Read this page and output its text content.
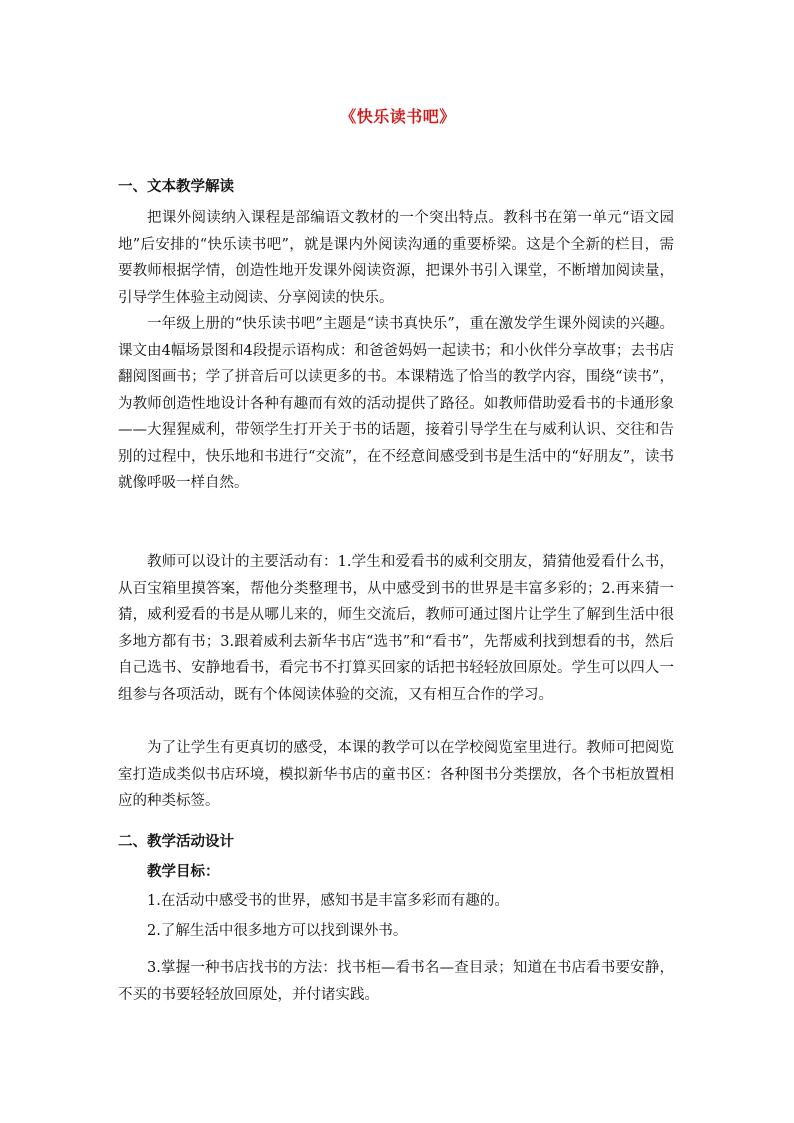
《快乐读书吧》
一、文本教学解读
把课外阅读纳入课程是部编语文教材的一个突出特点。教科书在第一单元“语文园地”后安排的“快乐读书吧”，就是课内外阅读沟通的重要桥梁。这是个全新的栏目，需要教师根据学情，创造性地开发课外阅读资源，把课外书引入课堂，不断增加阅读量，引导学生体验主动阅读、分享阅读的快乐。
一年级上册的“快乐读书吧”主题是“读书真快乐”，重在激发学生课外阅读的兴趣。课文由4幅场景图和4段提示语构成：和爸爸妈妈一起读书；和小伙伴分享故事；去书店翻阅图画书；学了拼音后可以读更多的书。本课精选了恰当的教学内容，围绕“读书”，为教师创造性地设计各种有趣而有效的活动提供了路径。如教师借助爱看书的卡通形象——大猩猩威利，带领学生打开关于书的话题，接着引导学生在与威利认识、交往和告别的过程中，快乐地和书进行“交流”，在不经意间感受到书是生活中的“好朋友”，读书就像呼吸一样自然。
教师可以设计的主要活动有：1.学生和爱看书的威利交朋友，猜猜他爱看什么书，从百宝箱里摸答案，帮他分类整理书，从中感受到书的世界是丰富多彩的；2.再来猜一猜，威利爱看的书是从哪儿来的，师生交流后，教师可通过图片让学生了解到生活中很多地方都有书；3.跟着威利去新华书店“选书”和“看书”，先帮威利找到想看的书，然后自己选书、安静地看书，看完书不打算买回家的话把书轻轻放回原处。学生可以四人一组参与各项活动，既有个体阅读体验的交流，又有相互合作的学习。
为了让学生有更真切的感受，本课的教学可以在学校阅览室里进行。教师可把阅览室打造成类似书店环境，模拟新华书店的童书区：各种图书分类摆放，各个书柜放置相应的种类标签。
二、教学活动设计
教学目标：
1.在活动中感受书的世界，感知书是丰富多彩而有趣的。
2.了解生活中很多地方可以找到课外书。
3.掌握一种书店找书的方法：找书柜—看书名—查目录；知道在书店看书要安静，不买的书要轻轻放回原处，并付诸实践。
